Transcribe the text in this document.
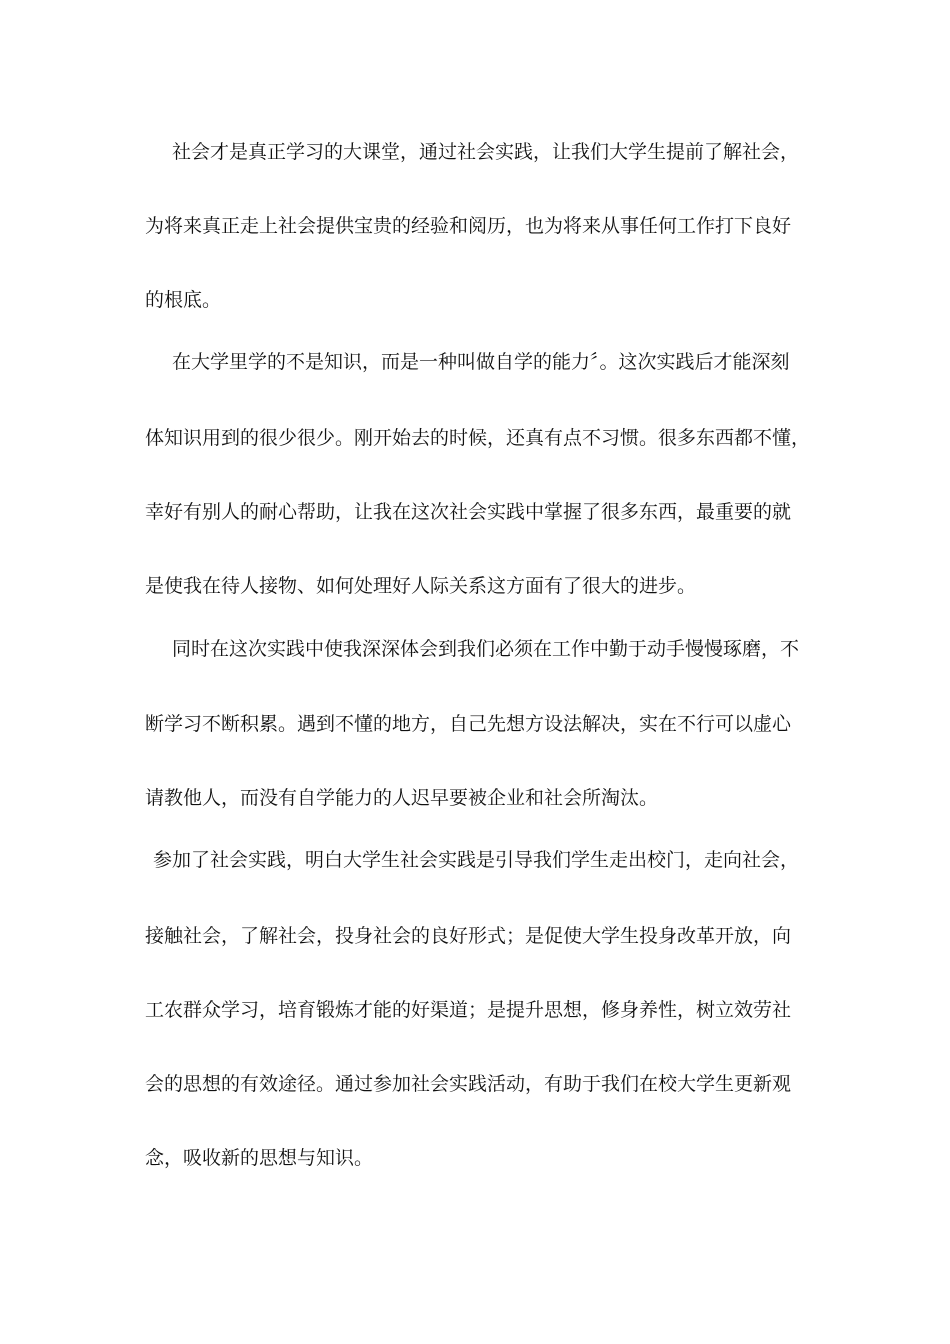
社会才是真正学习的大课堂，通过社会实践，让我们大学生提前了解社会，
为将来真正走上社会提供宝贵的经验和阅历，也为将来从事任何工作打下良好
的根底。
在大学里学的不是知识，而是一种叫做自学的能力〞。这次实践后才能深刻
体知识用到的很少很少。刚开始去的时候，还真有点不习惯。很多东西都不懂，
幸好有别人的耐心帮助，让我在这次社会实践中掌握了很多东西，最重要的就
是使我在待人接物、如何处理好人际关系这方面有了很大的进步。
同时在这次实践中使我深深体会到我们必须在工作中勤于动手慢慢琢磨，不
断学习不断积累。遇到不懂的地方，自己先想方设法解决，实在不行可以虚心
请教他人，而没有自学能力的人迟早要被企业和社会所淘汰。
参加了社会实践，明白大学生社会实践是引导我们学生走出校门，走向社会，
接触社会，了解社会，投身社会的良好形式；是促使大学生投身改革开放，向
工农群众学习，培育锻炼才能的好渠道；是提升思想，修身养性，树立效劳社
会的思想的有效途径。通过参加社会实践活动，有助于我们在校大学生更新观
念，吸收新的思想与知识。
